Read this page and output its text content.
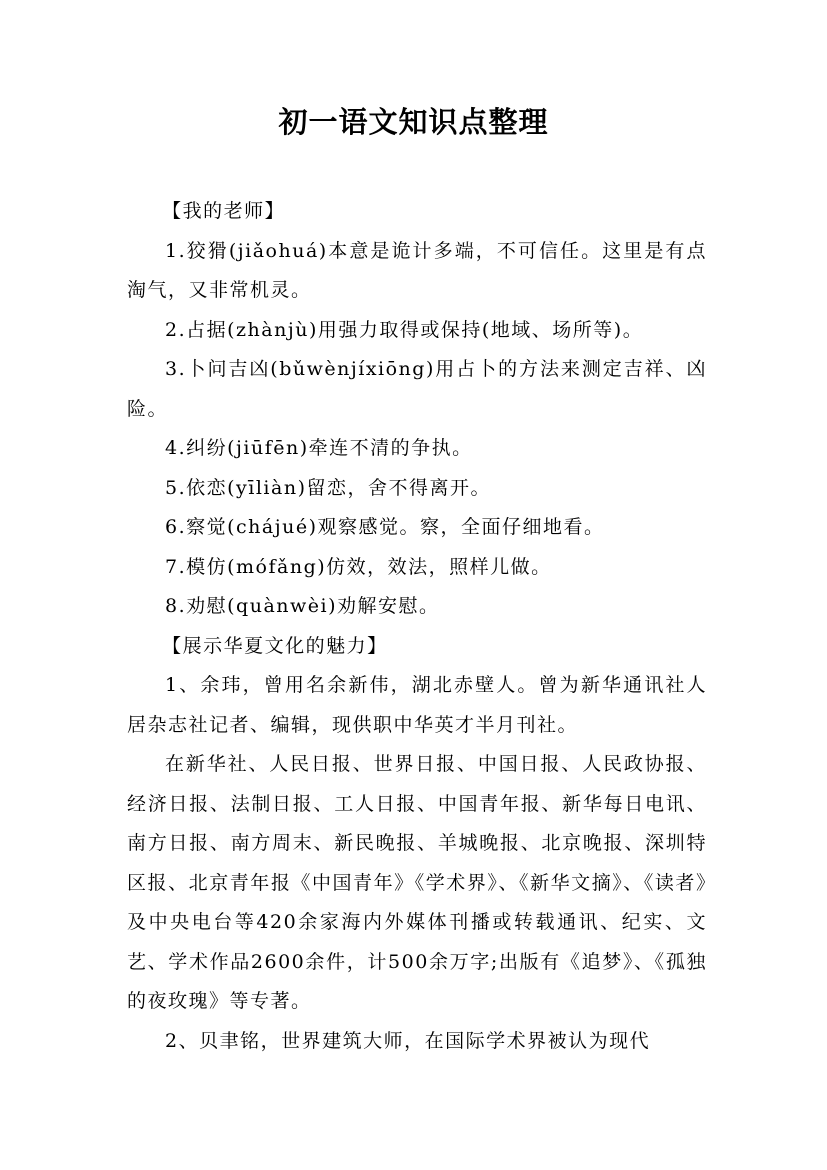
初一语文知识点整理

【我的老师】

1.狡猾(jiǎohuá)本意是诡计多端，不可信任。这里是有点淘气，又非常机灵。

2.占据(zhànjù)用强力取得或保持(地域、场所等)。

3.卜问吉凶(bǔwènjíxiōng)用占卜的方法来测定吉祥、凶险。

4.纠纷(jiūfēn)牵连不清的争执。

5.依恋(yīliàn)留恋，舍不得离开。

6.察觉(chájué)观察感觉。察，全面仔细地看。

7.模仿(mófǎng)仿效，效法，照样儿做。

8.劝慰(quànwèi)劝解安慰。

【展示华夏文化的魅力】

1、余玮，曾用名余新伟，湖北赤壁人。曾为新华通讯社人居杂志社记者、编辑，现供职中华英才半月刊社。

在新华社、人民日报、世界日报、中国日报、人民政协报、经济日报、法制日报、工人日报、中国青年报、新华每日电讯、南方日报、南方周末、新民晚报、羊城晚报、北京晚报、深圳特区报、北京青年报《中国青年》《学术界》、《新华文摘》、《读者》及中央电台等420余家海内外媒体刊播或转载通讯、纪实、文艺、学术作品2600余件，计500余万字;出版有《追梦》、《孤独的夜玫瑰》等专著。

2、贝聿铭，世界建筑大师，在国际学术界被认为现代
